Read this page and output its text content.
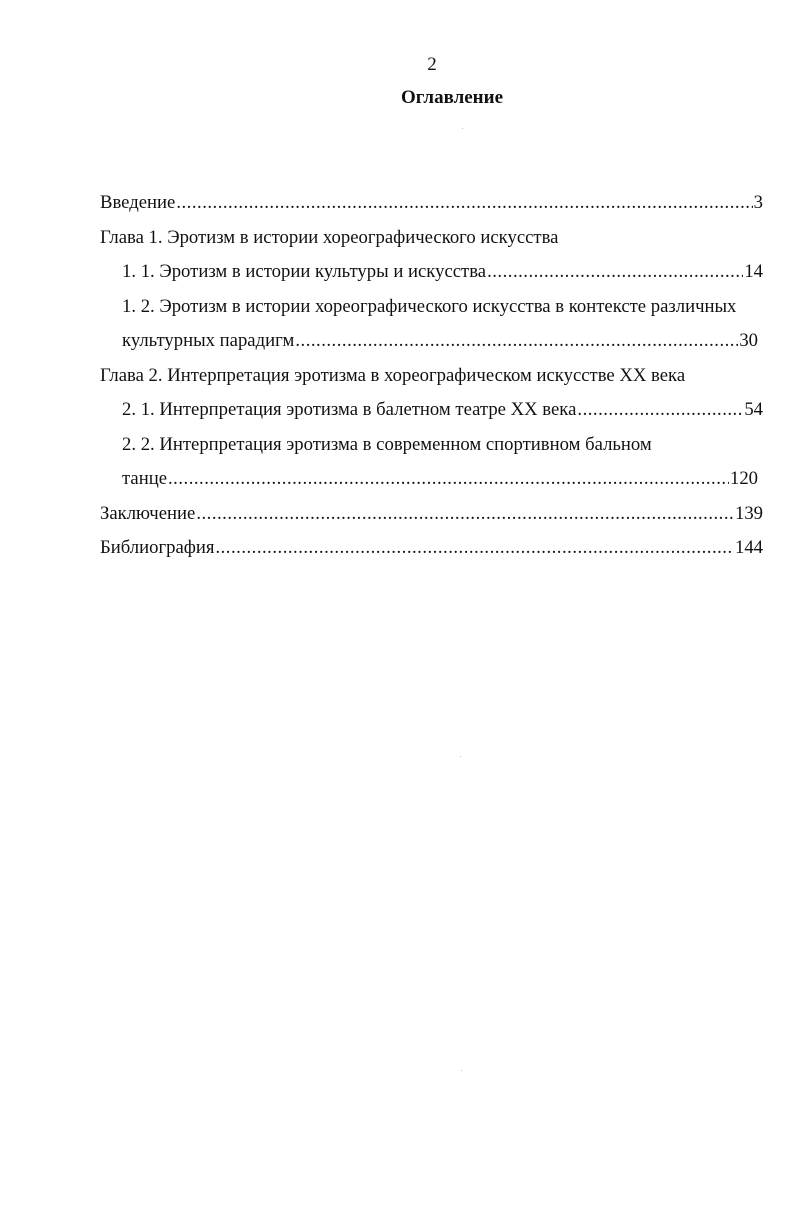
2
Оглавление
Введение .....	3
Глава 1. Эротизм в истории хореографического искусства
1. 1. Эротизм в истории культуры и искусства .....	14
1. 2. Эротизм в истории хореографического искусства в контексте различных
культурных парадигм .....	30
Глава 2. Интерпретация эротизма в хореографическом искусстве ХХ века
2. 1. Интерпретация эротизма в балетном театре ХХ века .....	54
2. 2. Интерпретация эротизма в современном спортивном бальном
танце .....	120
Заключение .....	139
Библиография .....	144
